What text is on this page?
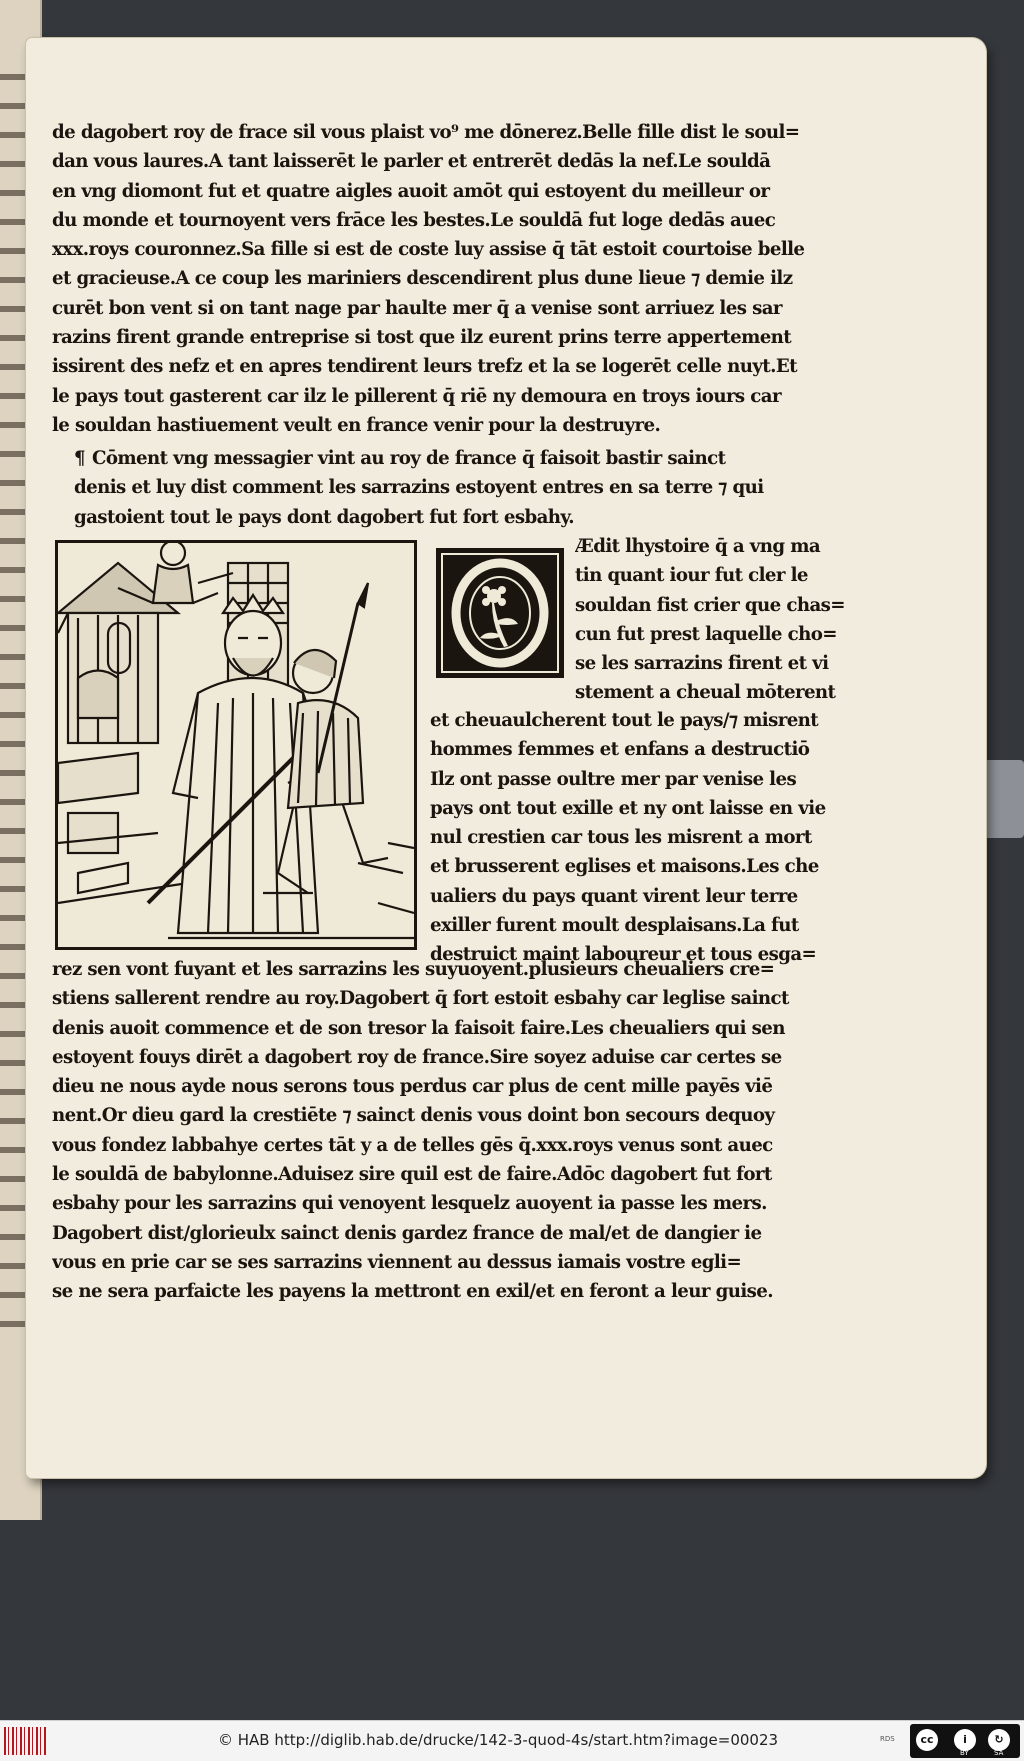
de dagobert roy de frace sil vous plaist vo⁹ me dōnerez.Belle fille dist le soul=
dan vous laures.A tant laisserēt le parler et entrerēt dedās la nef.Le souldā
en vng diomont fut et quatre aigles auoit amōt qui estoyent du meilleur or
du monde et tournoyent vers frāce les bestes.Le souldā fut loge dedās auec
xxx.roys couronnez.Sa fille si est de coste luy assise q̄ tāt estoit courtoise belle
et gracieuse.A ce coup les mariniers descendirent plus dune lieue ⁊ demie ilz
curēt bon vent si on tant nage par haulte mer q̄ a venise sont arriuez les sar
razins firent grande entreprise si tost que ilz eurent prins terre appertement
issirent des nefz et en apres tendirent leurs trefz et la se logerēt celle nuyt.Et
le pays tout gasterent car ilz le pillerent q̄ riē ny demoura en troys iours car
le souldan hastiuement veult en france venir pour la destruyre.
¶ Cōment vng messagier vint au roy de france q̄ faisoit bastir sainct
denis et luy dist comment les sarrazins estoyent entres en sa terre ⁊ qui
gastoient tout le pays dont dagobert fut fort esbahy.
Ædit lhystoire q̄ a vng ma
tin quant iour fut cler le
souldan fist crier que chas=
cun fut prest laquelle cho=
se les sarrazins firent et vi
stement a cheual mōterent
et cheuaulcherent tout le pays/⁊ misrent
hommes femmes et enfans a destructiō
Ilz ont passe oultre mer par venise les
pays ont tout exille et ny ont laisse en vie
nul crestien car tous les misrent a mort
et brusserent eglises et maisons.Les che
ualiers du pays quant virent leur terre
exiller furent moult desplaisans.La fut
destruict maint laboureur et tous esga=
rez sen vont fuyant et les sarrazins les suyuoyent.plusieurs cheualiers cre=
stiens sallerent rendre au roy.Dagobert q̄ fort estoit esbahy car leglise sainct
denis auoit commence et de son tresor la faisoit faire.Les cheualiers qui sen
estoyent fouys dirēt a dagobert roy de france.Sire soyez aduise car certes se
dieu ne nous ayde nous serons tous perdus car plus de cent mille payēs viē
nent.Or dieu gard la crestiēte ⁊ sainct denis vous doint bon secours dequoy
vous fondez labbahye certes tāt y a de telles gēs q̄.xxx.roys venus sont auec
le souldā de babylonne.Aduisez sire quil est de faire.Adōc dagobert fut fort
esbahy pour les sarrazins qui venoyent lesquelz auoyent ia passe les mers.
Dagobert dist/glorieulx sainct denis gardez france de mal/et de dangier ie
vous en prie car se ses sarrazins viennent au dessus iamais vostre egli=
se ne sera parfaicte les payens la mettront en exil/et en feront a leur guise.
© HAB http://diglib.hab.de/drucke/142-3-quod-4s/start.htm?image=00023	RDS	cc	i	↻
BY	SA
